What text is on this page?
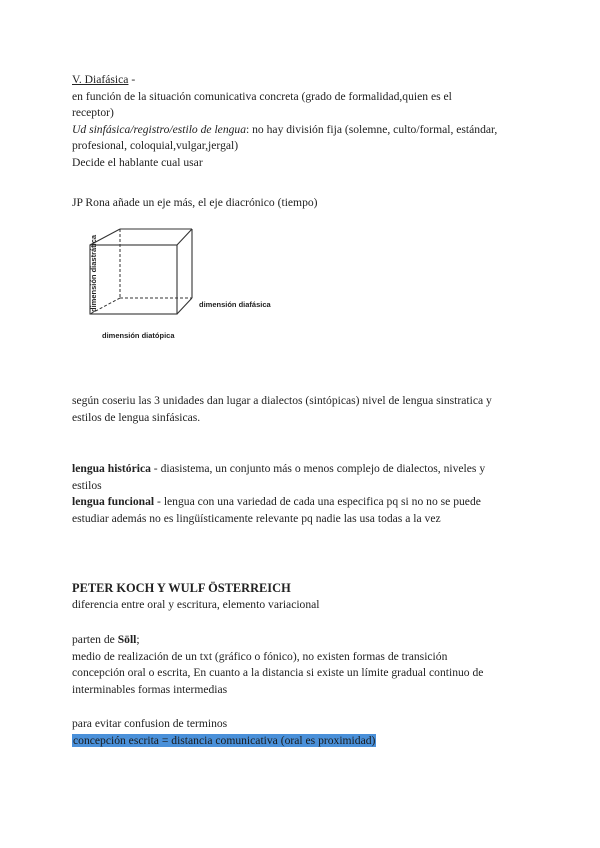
V. Diafásica -
en función de la situación comunicativa concreta (grado de formalidad,quien es el
receptor)
Ud sinfásica/registro/estilo de lengua: no hay división fija (solemne, culto/formal, estándar,
profesional, coloquial,vulgar,jergal)
Decide el hablante cual usar
JP Rona añade un eje más, el eje diacrónico (tiempo)
dimensión diastrática	dimensión diafásica
dimensión diatópica
según coseriu las 3 unidades dan lugar a dialectos (sintópicas) nivel de lengua sinstratica y
estilos de lengua sinfásicas.
lengua histórica - diasistema, un conjunto más o menos complejo de dialectos, niveles y
estilos
lengua funcional - lengua con una variedad de cada una especifica pq si no no se puede
estudiar además no es lingüísticamente relevante pq nadie las usa todas a la vez
PETER KOCH Y WULF ÖSTERREICH
diferencia entre oral y escritura, elemento variacional
parten de Söll;
medio de realización de un txt (gráfico o fónico), no existen formas de transición
concepción oral o escrita, En cuanto a la distancia si existe un límite gradual continuo de
interminables formas intermedias
para evitar confusion de terminos
concepción escrita = distancia comunicativa (oral es proximidad)
